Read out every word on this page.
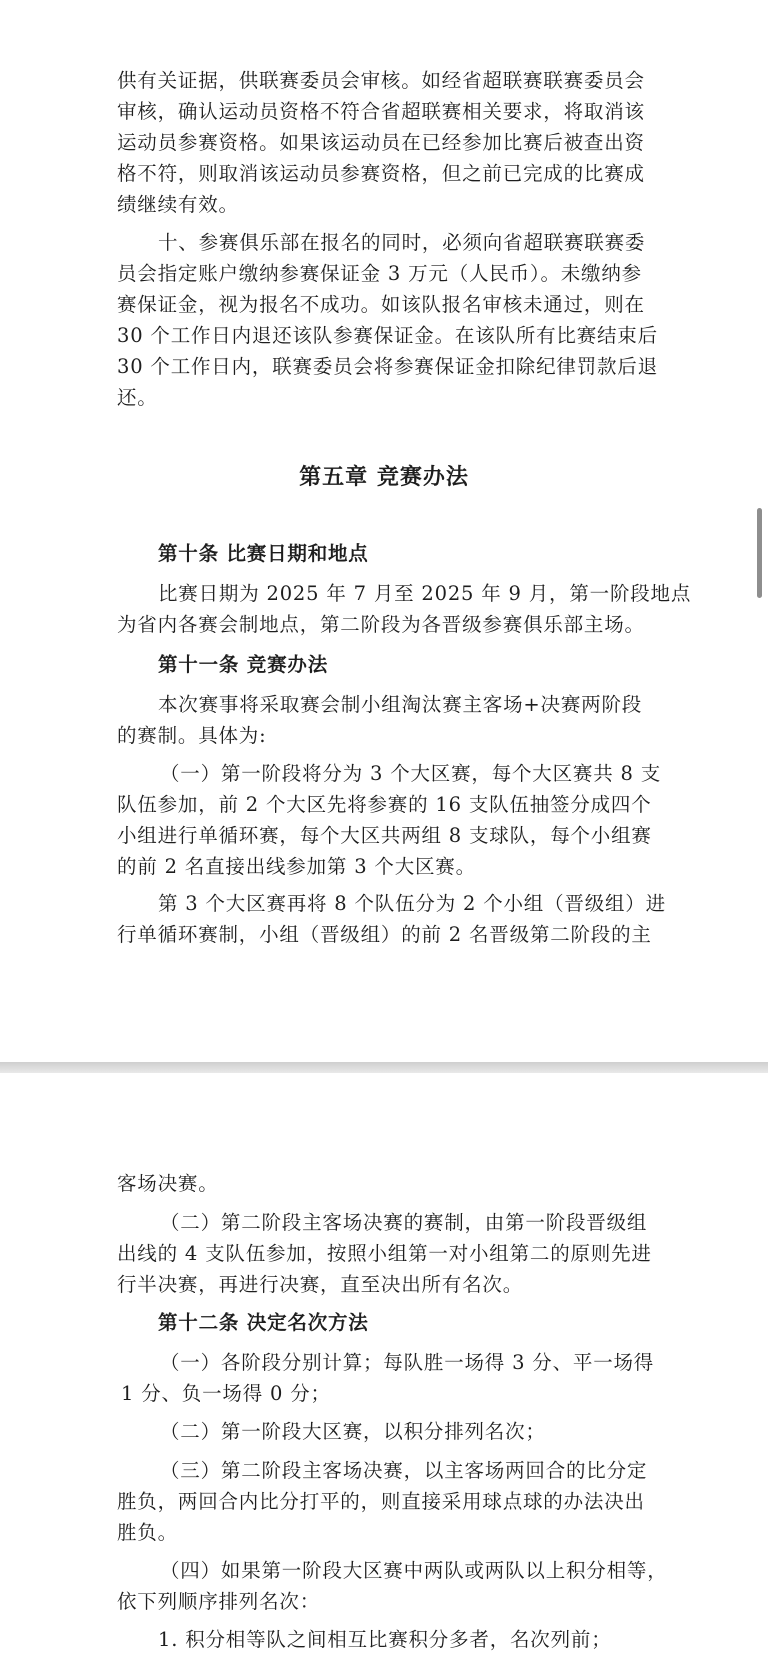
供有关证据，供联赛委员会审核。如经省超联赛联赛委员会
审核，确认运动员资格不符合省超联赛相关要求，将取消该
运动员参赛资格。如果该运动员在已经参加比赛后被查出资
格不符，则取消该运动员参赛资格，但之前已完成的比赛成
绩继续有效。
十、参赛俱乐部在报名的同时，必须向省超联赛联赛委
员会指定账户缴纳参赛保证金 3 万元（人民币）。未缴纳参
赛保证金，视为报名不成功。如该队报名审核未通过，则在
30 个工作日内退还该队参赛保证金。在该队所有比赛结束后
30 个工作日内，联赛委员会将参赛保证金扣除纪律罚款后退
还。
第五章 竞赛办法
第十条 比赛日期和地点
比赛日期为 2025 年 7 月至 2025 年 9 月，第一阶段地点
为省内各赛会制地点，第二阶段为各晋级参赛俱乐部主场。
第十一条 竞赛办法
本次赛事将采取赛会制小组淘汰赛主客场+决赛两阶段
的赛制。具体为:
（一）第一阶段将分为 3 个大区赛，每个大区赛共 8 支
队伍参加，前 2 个大区先将参赛的 16 支队伍抽签分成四个
小组进行单循环赛，每个大区共两组 8 支球队，每个小组赛
的前 2 名直接出线参加第 3 个大区赛。
第 3 个大区赛再将 8 个队伍分为 2 个小组（晋级组）进
行单循环赛制，小组（晋级组）的前 2 名晋级第二阶段的主
客场决赛。
（二）第二阶段主客场决赛的赛制，由第一阶段晋级组
出线的 4 支队伍参加，按照小组第一对小组第二的原则先进
行半决赛，再进行决赛，直至决出所有名次。
第十二条 决定名次方法
（一）各阶段分别计算；每队胜一场得 3 分、平一场得
1 分、负一场得 0 分；
（二）第一阶段大区赛，以积分排列名次；
（三）第二阶段主客场决赛，以主客场两回合的比分定
胜负，两回合内比分打平的，则直接采用球点球的办法决出
胜负。
（四）如果第一阶段大区赛中两队或两队以上积分相等，
依下列顺序排列名次：
1. 积分相等队之间相互比赛积分多者，名次列前；
